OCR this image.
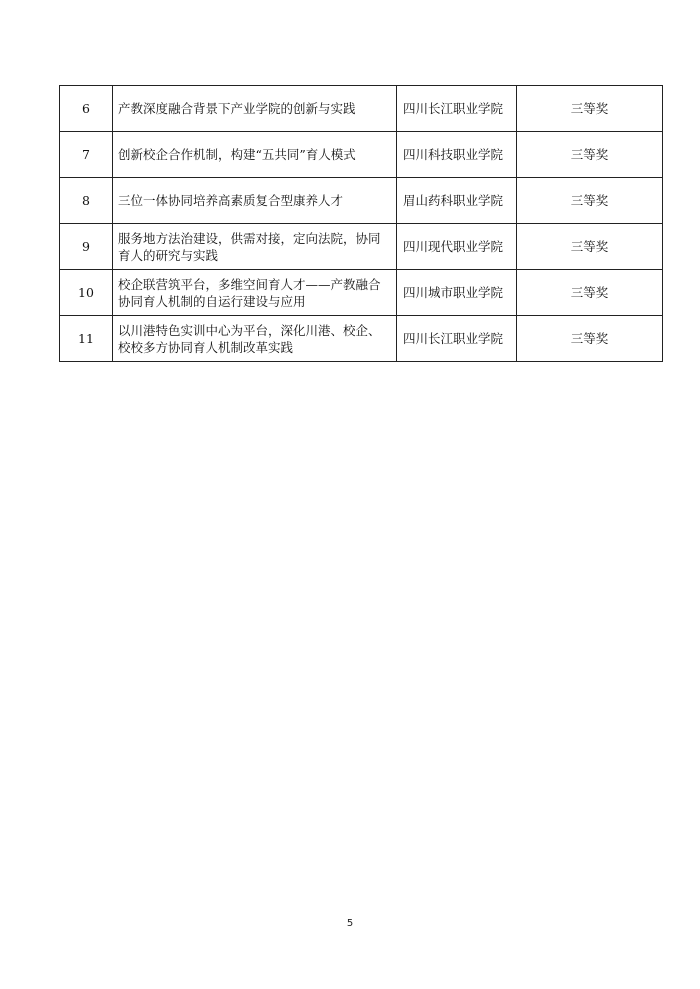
6	产教深度融合背景下产业学院的创新与实践	四川长江职业学院	三等奖
7	创新校企合作机制，构建“五共同”育人模式	四川科技职业学院	三等奖
8	三位一体协同培养高素质复合型康养人才	眉山药科职业学院	三等奖
9	服务地方法治建设，供需对接，定向法院，协同育人的研究与实践	四川现代职业学院	三等奖
10	校企联营筑平台，多维空间育人才——产教融合协同育人机制的自运行建设与应用	四川城市职业学院	三等奖
11	以川港特色实训中心为平台，深化川港、校企、校校多方协同育人机制改革实践	四川长江职业学院	三等奖
5
